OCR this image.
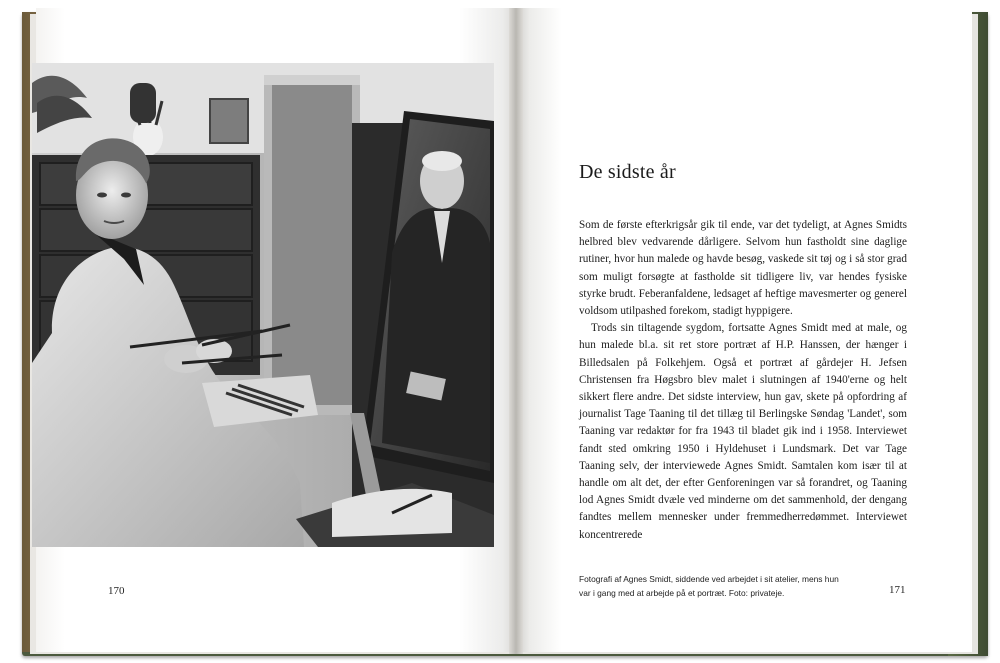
170	171
De sidste år

Som de første efterkrigsår gik til ende, var det tydeligt, at Agnes Smidts helbred blev vedvarende dårligere. Selvom hun fastholdt sine daglige rutiner, hvor hun malede og havde besøg, vaskede sit tøj og i så stor grad som muligt forsøgte at fastholde sit tidligere liv, var hendes fysiske styrke brudt. Feberanfaldene, ledsaget af heftige mavesmerter og generel voldsom utilpashed forekom, stadigt hyppigere.

Trods sin tiltagende sygdom, fortsatte Agnes Smidt med at male, og hun malede bl.a. sit ret store portræt af H.P. Hanssen, der hænger i Billedsalen på Folkehjem. Også et portræt af gårdejer H. Jefsen Christensen fra Høgsbro blev malet i slutningen af 1940'erne og helt sikkert flere andre. Det sidste interview, hun gav, skete på opfordring af journalist Tage Taaning til det tillæg til Berlingske Søndag 'Landet', som Taaning var redaktør for fra 1943 til bladet gik ind i 1958. Interviewet fandt sted omkring 1950 i Hyldehuset i Lundsmark. Det var Tage Taaning selv, der interviewede Agnes Smidt. Samtalen kom især til at handle om alt det, der efter Genforeningen var så forandret, og Taaning lod Agnes Smidt dvæle ved minderne om det sammenhold, der dengang fandtes mellem mennesker under fremmedherredømmet. Interviewet koncentrerede

Fotografi af Agnes Smidt, siddende ved arbejdet i sit atelier, mens hun var i gang med at arbejde på et portræt. Foto: privateje.
